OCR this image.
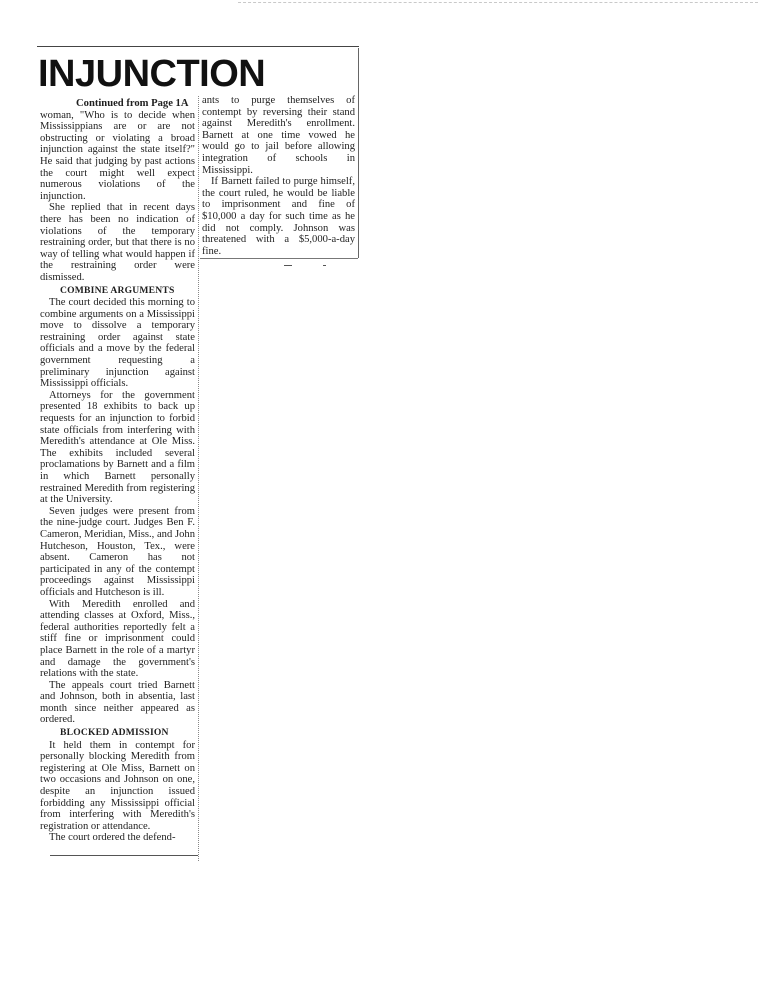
INJUNCTION

Continued from Page 1A

woman, "Who is to decide when Mississippians are or are not obstructing or violating a broad injunction against the state itself?" He said that judging by past actions the court might well expect numerous violations of the injunction.

She replied that in recent days there has been no indication of violations of the temporary restraining order, but that there is no way of telling what would happen if the restraining order were dismissed.

COMBINE ARGUMENTS

The court decided this morning to combine arguments on a Mississippi move to dissolve a temporary restraining order against state officials and a move by the federal government requesting a preliminary injunction against Mississippi officials.

Attorneys for the government presented 18 exhibits to back up requests for an injunction to forbid state officials from interfering with Meredith's attendance at Ole Miss. The exhibits included several proclamations by Barnett and a film in which Barnett personally restrained Meredith from registering at the University.

Seven judges were present from the nine-judge court. Judges Ben F. Cameron, Meridian, Miss., and John Hutcheson, Houston, Tex., were absent. Cameron has not participated in any of the contempt proceedings against Mississippi officials and Hutcheson is ill.

With Meredith enrolled and attending classes at Oxford, Miss., federal authorities reportedly felt a stiff fine or imprisonment could place Barnett in the role of a martyr and damage the government's relations with the state.

The appeals court tried Barnett and Johnson, both in absentia, last month since neither appeared as ordered.

BLOCKED ADMISSION

It held them in contempt for personally blocking Meredith from registering at Ole Miss, Barnett on two occasions and Johnson on one, despite an injunction issued forbidding any Mississippi official from interfering with Meredith's registration or attendance.

The court ordered the defend-

ants to purge themselves of contempt by reversing their stand against Meredith's enrollment. Barnett at one time vowed he would go to jail before allowing integration of schools in Mississippi.

If Barnett failed to purge himself, the court ruled, he would be liable to imprisonment and fine of $10,000 a day for such time as he did not comply. Johnson was threatened with a $5,000-a-day fine.
